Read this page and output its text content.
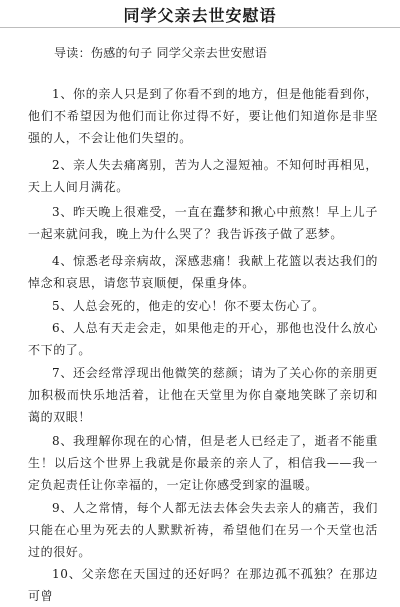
同学父亲去世安慰语
导读：伤感的句子 同学父亲去世安慰语

1、你的亲人只是到了你看不到的地方，但是他能看到你，他们不希望因为他们而让你过得不好，要让他们知道你是非坚强的人，不会让他们失望的。

2、亲人失去痛离别，苦为人之湿短袖。不知何时再相见，天上人间月满花。

3、昨天晚上很难受，一直在蠢梦和揪心中煎熬！早上儿子一起来就问我，晚上为什么哭了？我告诉孩子做了恶梦。

4、惊悉老母亲病故，深感悲痛！我献上花篮以表达我们的悼念和哀思，请您节哀顺便，保重身体。

5、人总会死的，他走的安心！你不要太伤心了。

6、人总有天走会走，如果他走的开心，那他也没什么放心不下的了。

7、还会经常浮现出他微笑的慈颜；请为了关心你的亲朋更加积极而快乐地活着，让他在天堂里为你自豪地笑眯了亲切和蔼的双眼！

8、我理解你现在的心情，但是老人已经走了，逝者不能重生！以后这个世界上我就是你最亲的亲人了，相信我——我一定负起责任让你幸福的，一定让你感受到家的温暖。

9、人之常情，每个人都无法去体会失去亲人的痛苦，我们只能在心里为死去的人默默祈祷，希望他们在另一个天堂也活过的很好。

10、父亲您在天国过的还好吗？在那边孤不孤独？在那边可曾
